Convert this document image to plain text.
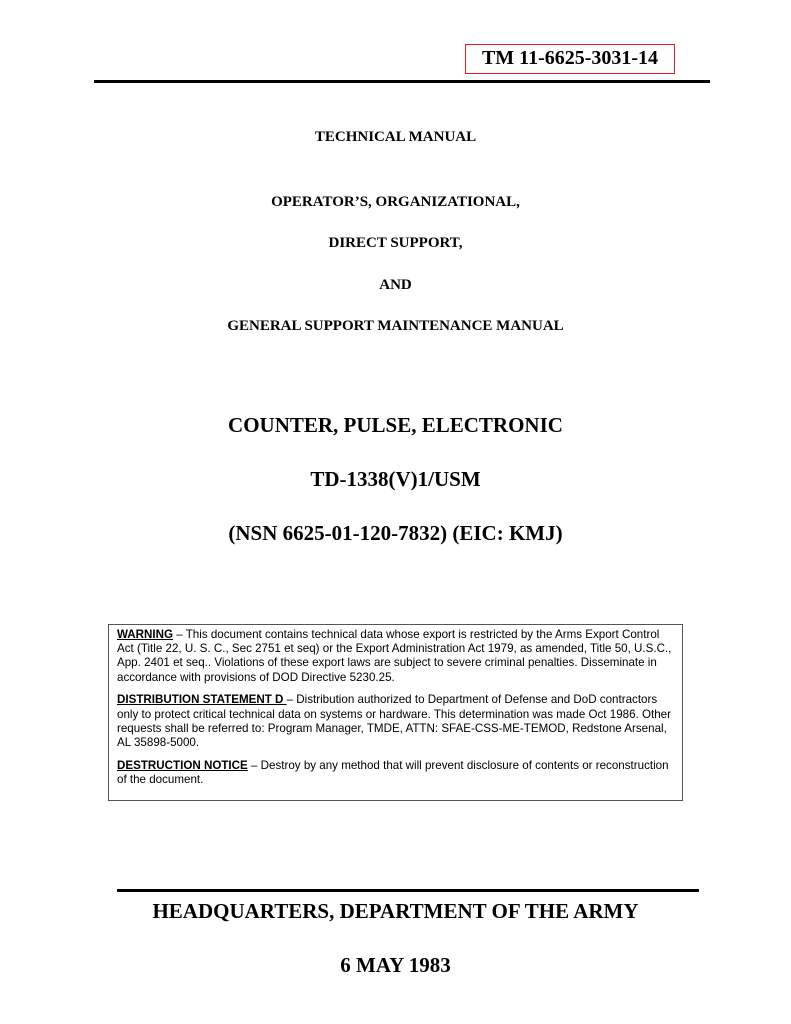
TM 11-6625-3031-14
TECHNICAL MANUAL
OPERATOR’S, ORGANIZATIONAL,
DIRECT SUPPORT,
AND
GENERAL SUPPORT MAINTENANCE MANUAL
COUNTER, PULSE, ELECTRONIC
TD-1338(V)1/USM
(NSN 6625-01-120-7832) (EIC: KMJ)

WARNING – This document contains technical data whose export is restricted by the Arms Export Control Act (Title 22, U. S. C., Sec 2751 et seq) or the Export Administration Act 1979, as amended, Title 50, U.S.C., App. 2401 et seq.. Violations of these export laws are subject to severe criminal penalties. Disseminate in accordance with provisions of DOD Directive 5230.25.

DISTRIBUTION STATEMENT D – Distribution authorized to Department of Defense and DoD contractors only to protect critical technical data on systems or hardware. This determination was made Oct 1986. Other requests shall be referred to: Program Manager, TMDE, ATTN: SFAE-CSS-ME-TEMOD, Redstone Arsenal, AL 35898-5000.

DESTRUCTION NOTICE – Destroy by any method that will prevent disclosure of contents or reconstruction of the document.

HEADQUARTERS, DEPARTMENT OF THE ARMY
6 MAY 1983
